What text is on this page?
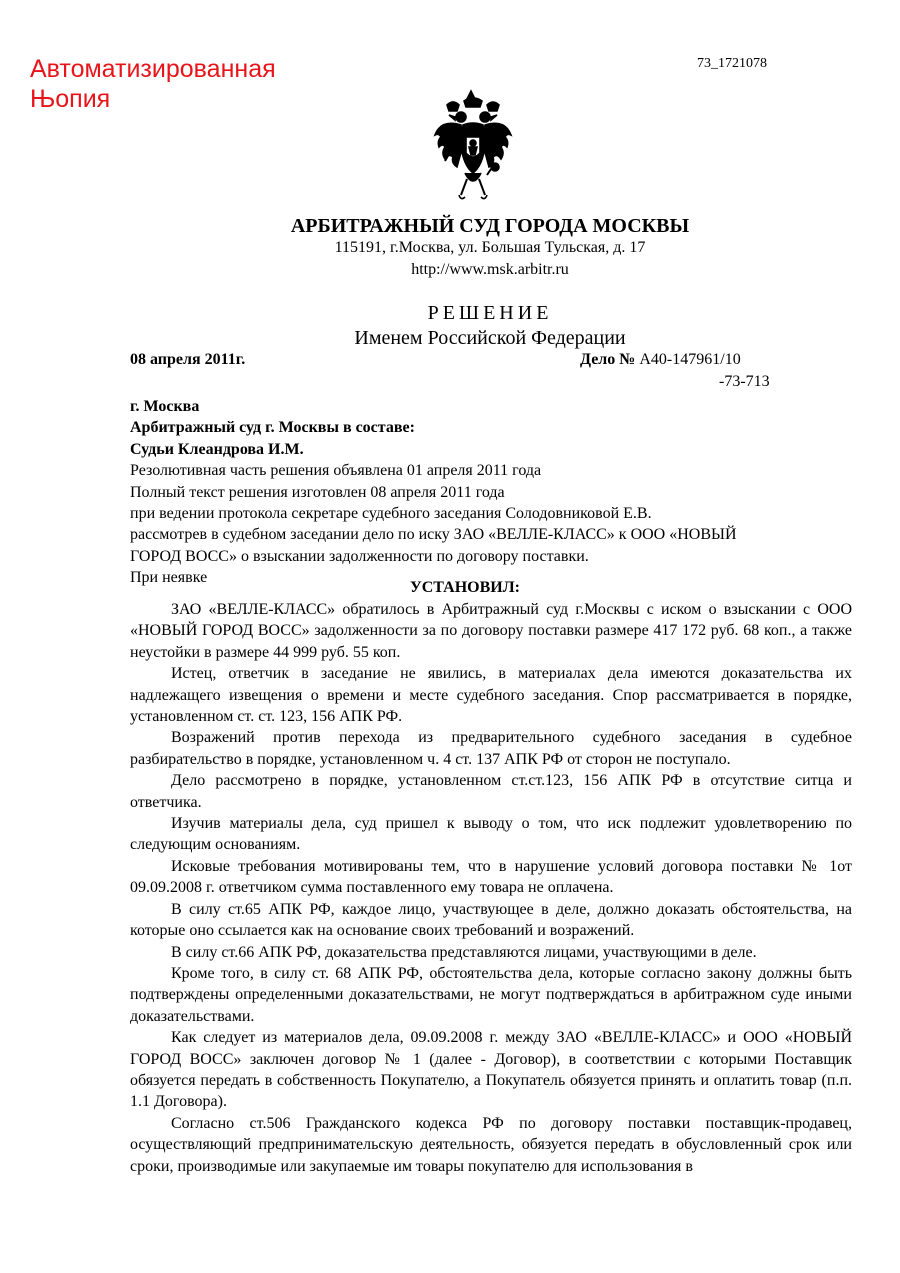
Автоматизированная
Њопия
73_1721078
АРБИТРАЖНЫЙ СУД ГОРОДА МОСКВЫ
115191, г.Москва, ул. Большая Тульская, д. 17
http://www.msk.arbitr.ru
РЕШЕНИЕ
Именем Российской Федерации
08 апреля 2011г.	Дело № А40-147961/10
-73-713
г. Москва
Арбитражный суд г. Москвы в составе:
Судьи Клеандрова И.М.
Резолютивная часть решения объявлена 01 апреля 2011 года
Полный текст решения изготовлен 08 апреля 2011 года
при ведении протокола секретаре судебного заседания Солодовниковой Е.В.
рассмотрев в судебном заседании дело по иску ЗАО «ВЕЛЛЕ-КЛАСС» к ООО «НОВЫЙ
ГОРОД ВОСС» о взыскании задолженности по договору поставки.
При неявке
УСТАНОВИЛ:

ЗАО «ВЕЛЛЕ-КЛАСС» обратилось в Арбитражный суд г.Москвы с иском о взыскании с ООО «НОВЫЙ ГОРОД ВОСС» задолженности за по договору поставки размере 417 172 руб. 68 коп., а также неустойки в размере 44 999 руб. 55 коп.

Истец, ответчик в заседание не явились, в материалах дела имеются доказательства их надлежащего извещения о времени и месте судебного заседания. Спор рассматривается в порядке, установленном ст. ст. 123, 156 АПК РФ.

Возражений против перехода из предварительного судебного заседания в судебное разбирательство в порядке, установленном ч. 4 ст. 137 АПК РФ от сторон не поступало.

Дело рассмотрено в порядке, установленном ст.ст.123, 156 АПК РФ в отсутствие ситца и ответчика.

Изучив материалы дела, суд пришел к выводу о том, что иск подлежит удовлетворению по следующим основаниям.

Исковые требования мотивированы тем, что в нарушение условий договора поставки № 1от 09.09.2008 г. ответчиком сумма поставленного ему товара не оплачена.

В силу ст.65 АПК РФ, каждое лицо, участвующее в деле, должно доказать обстоятельства, на которые оно ссылается как на основание своих требований и возражений.

В силу ст.66 АПК РФ, доказательства представляются лицами, участвующими в деле.

Кроме того, в силу ст. 68 АПК РФ, обстоятельства дела, которые согласно закону должны быть подтверждены определенными доказательствами, не могут подтверждаться в арбитражном суде иными доказательствами.

Как следует из материалов дела, 09.09.2008 г. между ЗАО «ВЕЛЛЕ-КЛАСС» и ООО «НОВЫЙ ГОРОД ВОСС» заключен договор № 1 (далее - Договор), в соответствии с которыми Поставщик обязуется передать в собственность Покупателю, а Покупатель обязуется принять и оплатить товар (п.п. 1.1 Договора).

Согласно ст.506 Гражданского кодекса РФ по договору поставки поставщик-продавец, осуществляющий предпринимательскую деятельность, обязуется передать в обусловленный срок или сроки, производимые или закупаемые им товары покупателю для использования в
